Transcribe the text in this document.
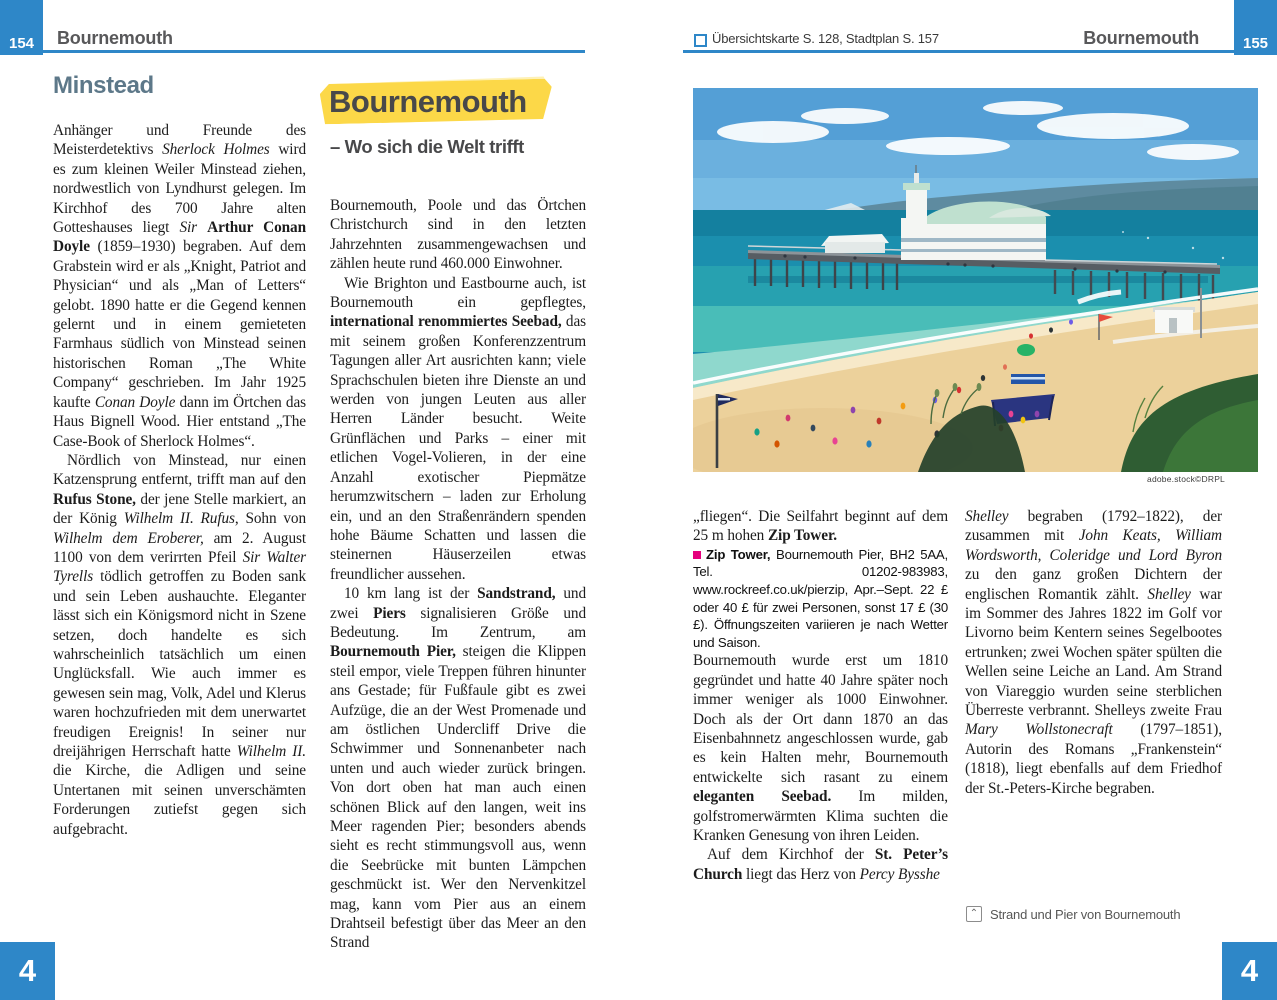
154 Bournemouth	Übersichtskarte S. 128, Stadtplan S. 157	Bournemouth	155
Minstead

Anhänger und Freunde des Meisterdetektivs Sherlock Holmes wird es zum kleinen Weiler Minstead ziehen, nordwestlich von Lyndhurst gelegen. Im Kirchhof des 700 Jahre alten Gotteshauses liegt Sir Arthur Conan Doyle (1859–1930) begraben. Auf dem Grabstein wird er als „Knight, Patriot and Physician“ und als „Man of Letters“ gelobt. 1890 hatte er die Gegend kennen gelernt und in einem gemieteten Farmhaus südlich von Minstead seinen historischen Roman „The White Company“ geschrieben. Im Jahr 1925 kaufte Conan Doyle dann im Örtchen das Haus Bignell Wood. Hier entstand „The Case-Book of Sherlock Holmes“.

Nördlich von Minstead, nur einen Katzensprung entfernt, trifft man auf den Rufus Stone, der jene Stelle markiert, an der König Wilhelm II. Rufus, Sohn von Wilhelm dem Eroberer, am 2. August 1100 von dem verirrten Pfeil Sir Walter Tyrells tödlich getroffen zu Boden sank und sein Leben aushauchte. Eleganter lässt sich ein Königsmord nicht in Szene setzen, doch handelte es sich wahrscheinlich tatsächlich um einen Unglücksfall. Wie auch immer es gewesen sein mag, Volk, Adel und Klerus waren hochzufrieden mit dem unerwartet freudigen Ereignis! In seiner nur dreijährigen Herrschaft hatte Wilhelm II. die Kirche, die Adligen und seine Untertanen mit seinen unverschämten Forderungen zutiefst gegen sich aufgebracht.

Bournemouth
– Wo sich die Welt trifft

Bournemouth, Poole und das Örtchen Christchurch sind in den letzten Jahrzehnten zusammengewachsen und zählen heute rund 460.000 Einwohner.

Wie Brighton und Eastbourne auch, ist Bournemouth ein gepflegtes, international renommiertes Seebad, das mit seinem großen Konferenzzentrum Tagungen aller Art ausrichten kann; viele Sprachschulen bieten ihre Dienste an und werden von jungen Leuten aus aller Herren Länder besucht. Weite Grünflächen und Parks – einer mit etlichen Vogel-Volieren, in der eine Anzahl exotischer Piepmätze herumzwitschern – laden zur Erholung ein, und an den Straßenrändern spenden hohe Bäume Schatten und lassen die steinernen Häuserzeilen etwas freundlicher aussehen.

10 km lang ist der Sandstrand, und zwei Piers signalisieren Größe und Bedeutung. Im Zentrum, am Bournemouth Pier, steigen die Klippen steil empor, viele Treppen führen hinunter ans Gestade; für Fußfaule gibt es zwei Aufzüge, die an der West Promenade und am östlichen Undercliff Drive die Schwimmer und Sonnenanbeter nach unten und auch wieder zurück bringen. Von dort oben hat man auch einen schönen Blick auf den langen, weit ins Meer ragenden Pier; besonders abends sieht es recht stimmungsvoll aus, wenn die Seebrücke mit bunten Lämpchen geschmückt ist. Wer den Nervenkitzel mag, kann vom Pier aus an einem Drahtseil befestigt über das Meer an den Strand

adobe.stock©DRPL

„fliegen“. Die Seilfahrt beginnt auf dem 25 m hohen Zip Tower.

Zip Tower, Bournemouth Pier, BH2 5AA, Tel. 01202-983983, www.rockreef.co.uk/pierzip, Apr.–Sept. 22 £ oder 40 £ für zwei Personen, sonst 17 £ (30 £). Öffnungszeiten variieren je nach Wetter und Saison.

Bournemouth wurde erst um 1810 gegründet und hatte 40 Jahre später noch immer weniger als 1000 Einwohner. Doch als der Ort dann 1870 an das Eisenbahnnetz angeschlossen wurde, gab es kein Halten mehr, Bournemouth entwickelte sich rasant zu einem eleganten Seebad. Im milden, golfstromerwärmten Klima suchten die Kranken Genesung von ihren Leiden.

Auf dem Kirchhof der St. Peter’s Church liegt das Herz von Percy Bysshe

Shelley begraben (1792–1822), der zusammen mit John Keats, William Wordsworth, Coleridge und Lord Byron zu den ganz großen Dichtern der englischen Romantik zählt. Shelley war im Sommer des Jahres 1822 im Golf vor Livorno beim Kentern seines Segelbootes ertrunken; zwei Wochen später spülten die Wellen seine Leiche an Land. Am Strand von Viareggio wurden seine sterblichen Überreste verbrannt. Shelleys zweite Frau Mary Wollstonecraft (1797–1851), Autorin des Romans „Frankenstein“ (1818), liegt ebenfalls auf dem Friedhof der St.-Peters-Kirche begraben.

⌃ Strand und Pier von Bournemouth
4	4
